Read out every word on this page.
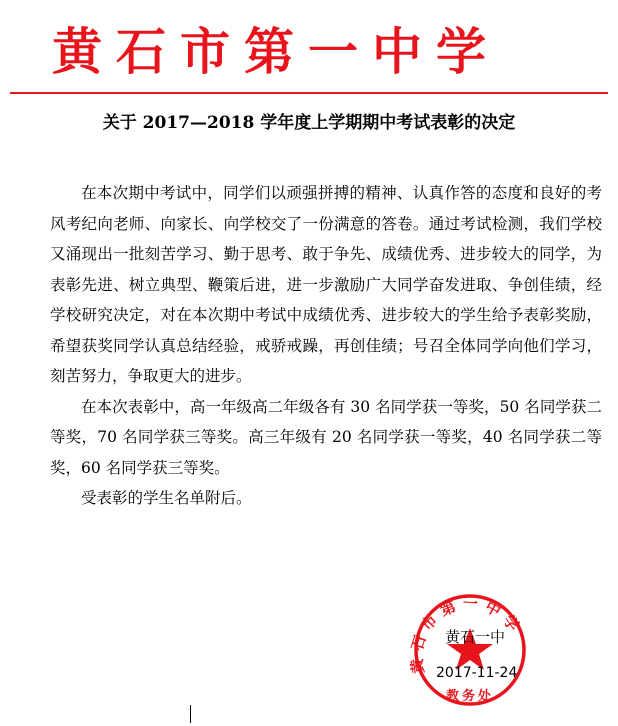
黄石市第一中学
关于 2017—2018 学年度上学期期中考试表彰的决定

在本次期中考试中，同学们以顽强拼搏的精神、认真作答的态度和良好的考风考纪向老师、向家长、向学校交了一份满意的答卷。通过考试检测，我们学校又涌现出一批刻苦学习、勤于思考、敢于争先、成绩优秀、进步较大的同学，为表彰先进、树立典型、鞭策后进，进一步激励广大同学奋发进取、争创佳绩，经学校研究决定，对在本次期中考试中成绩优秀、进步较大的学生给予表彰奖励，希望获奖同学认真总结经验，戒骄戒躁，再创佳绩；号召全体同学向他们学习，刻苦努力，争取更大的进步。

在本次表彰中，高一年级高二年级各有 30 名同学获一等奖，50 名同学获二等奖，70 名同学获三等奖。高三年级有 20 名同学获一等奖，40 名同学获二等奖，60 名同学获三等奖。

受表彰的学生名单附后。

黄石市第一中学
教务处
黄石一中
2017-11-24
